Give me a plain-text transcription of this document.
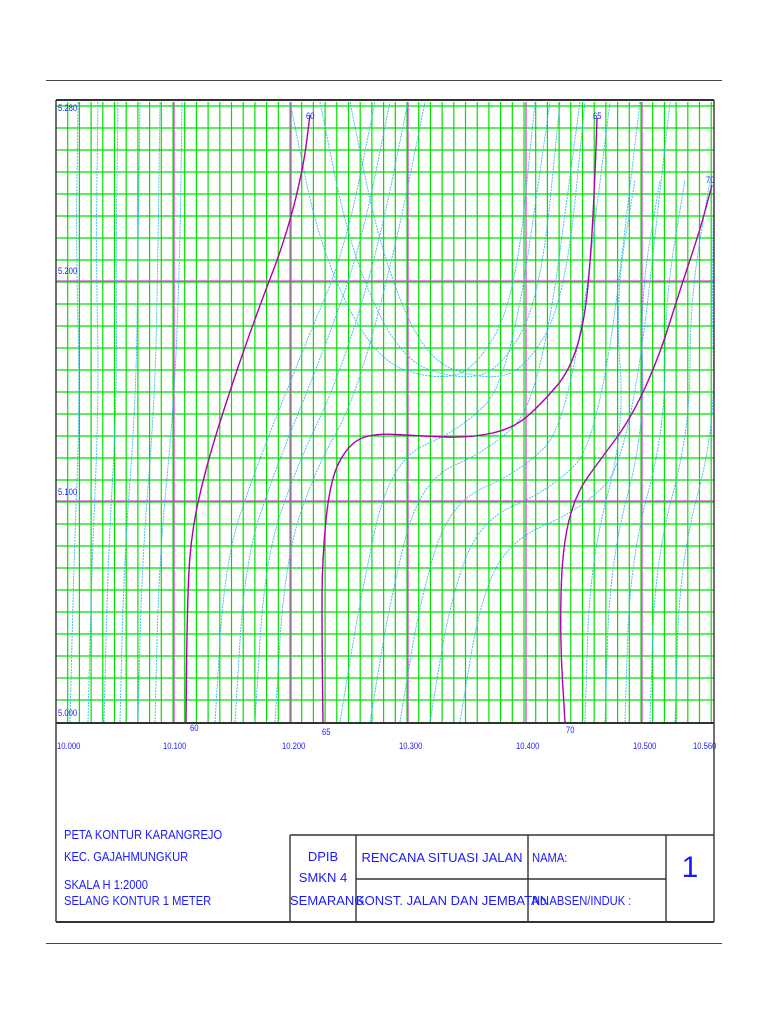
10.000	10.100	10.200	10.300	10.400	10.500	10.560
5.280
5.200
5.100
5.000
60	65
70
60	65	70
PETA KONTUR KARANGREJO
KEC. GAJAHMUNGKUR
SKALA H 1:2000
SELANG KONTUR 1 METER
DPIB
SMKN 4
SEMARANG
RENCANA SITUASI JALAN
KONST. JALAN DAN JEMBATAN
NAMA:
No.ABSEN/INDUK :
1
